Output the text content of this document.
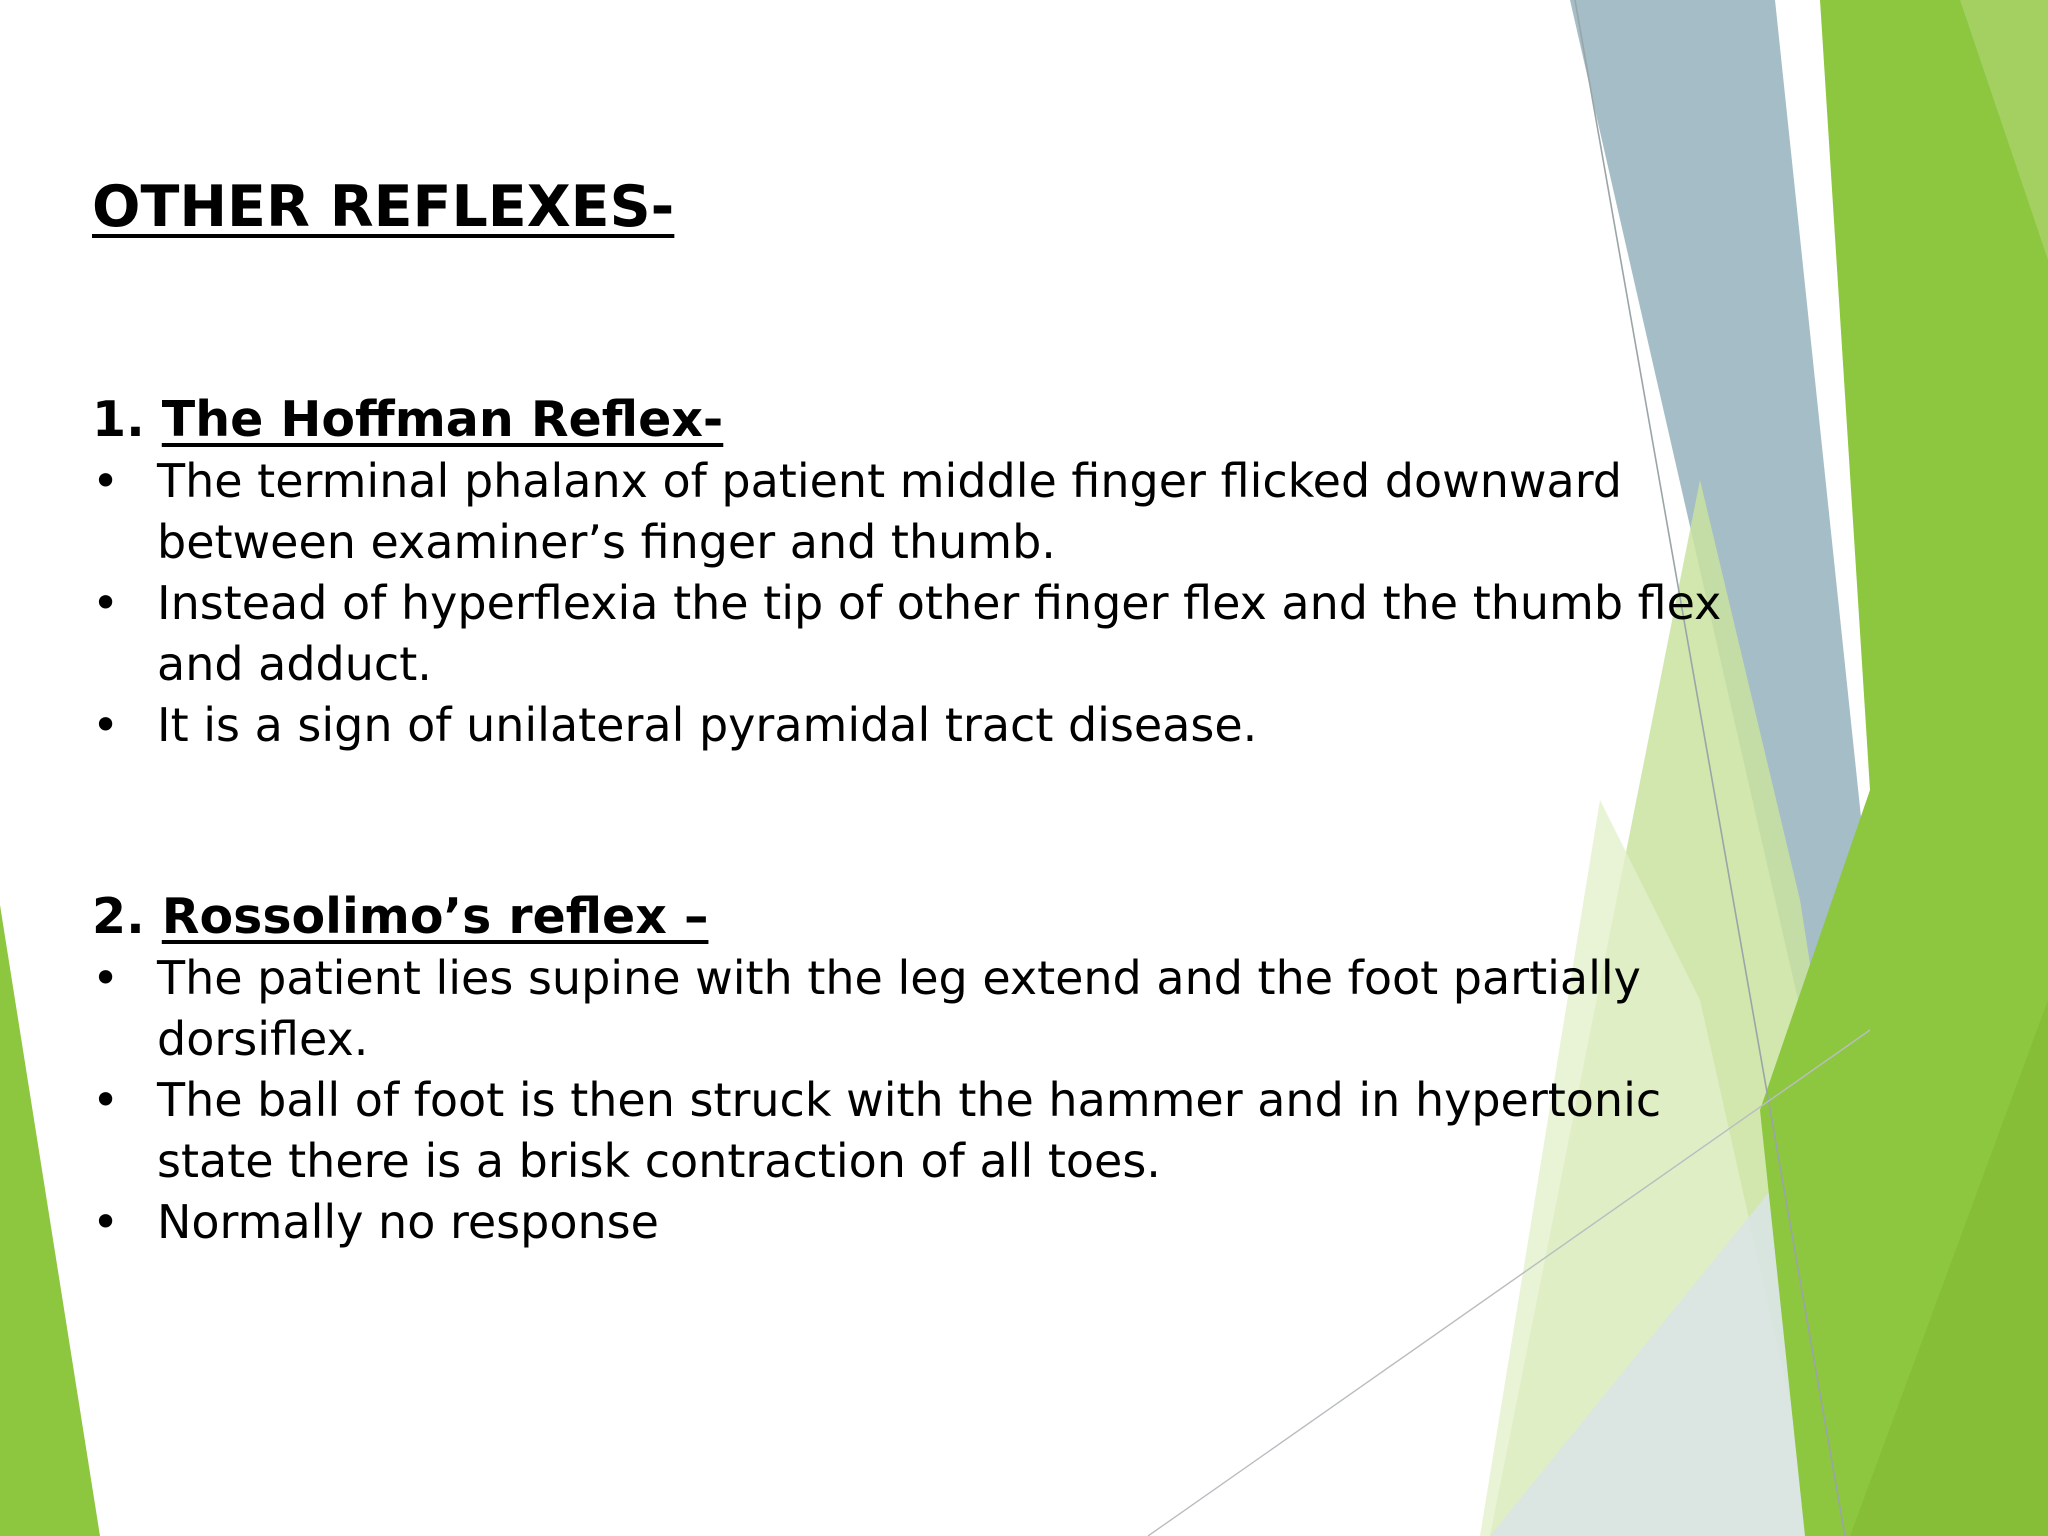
OTHER REFLEXES-
1. The Hoffman Reflex-
• The terminal phalanx of patient middle finger flicked downward
between examiner’s finger and thumb.
• Instead of hyperflexia the tip of other finger flex and the thumb flex
and adduct.
• It is a sign of unilateral pyramidal tract disease.
2. Rossolimo’s reflex –
• The patient lies supine with the leg extend and the foot partially
dorsiflex.
• The ball of foot is then struck with the hammer and in hypertonic
state there is a brisk contraction of all toes.
• Normally no response
